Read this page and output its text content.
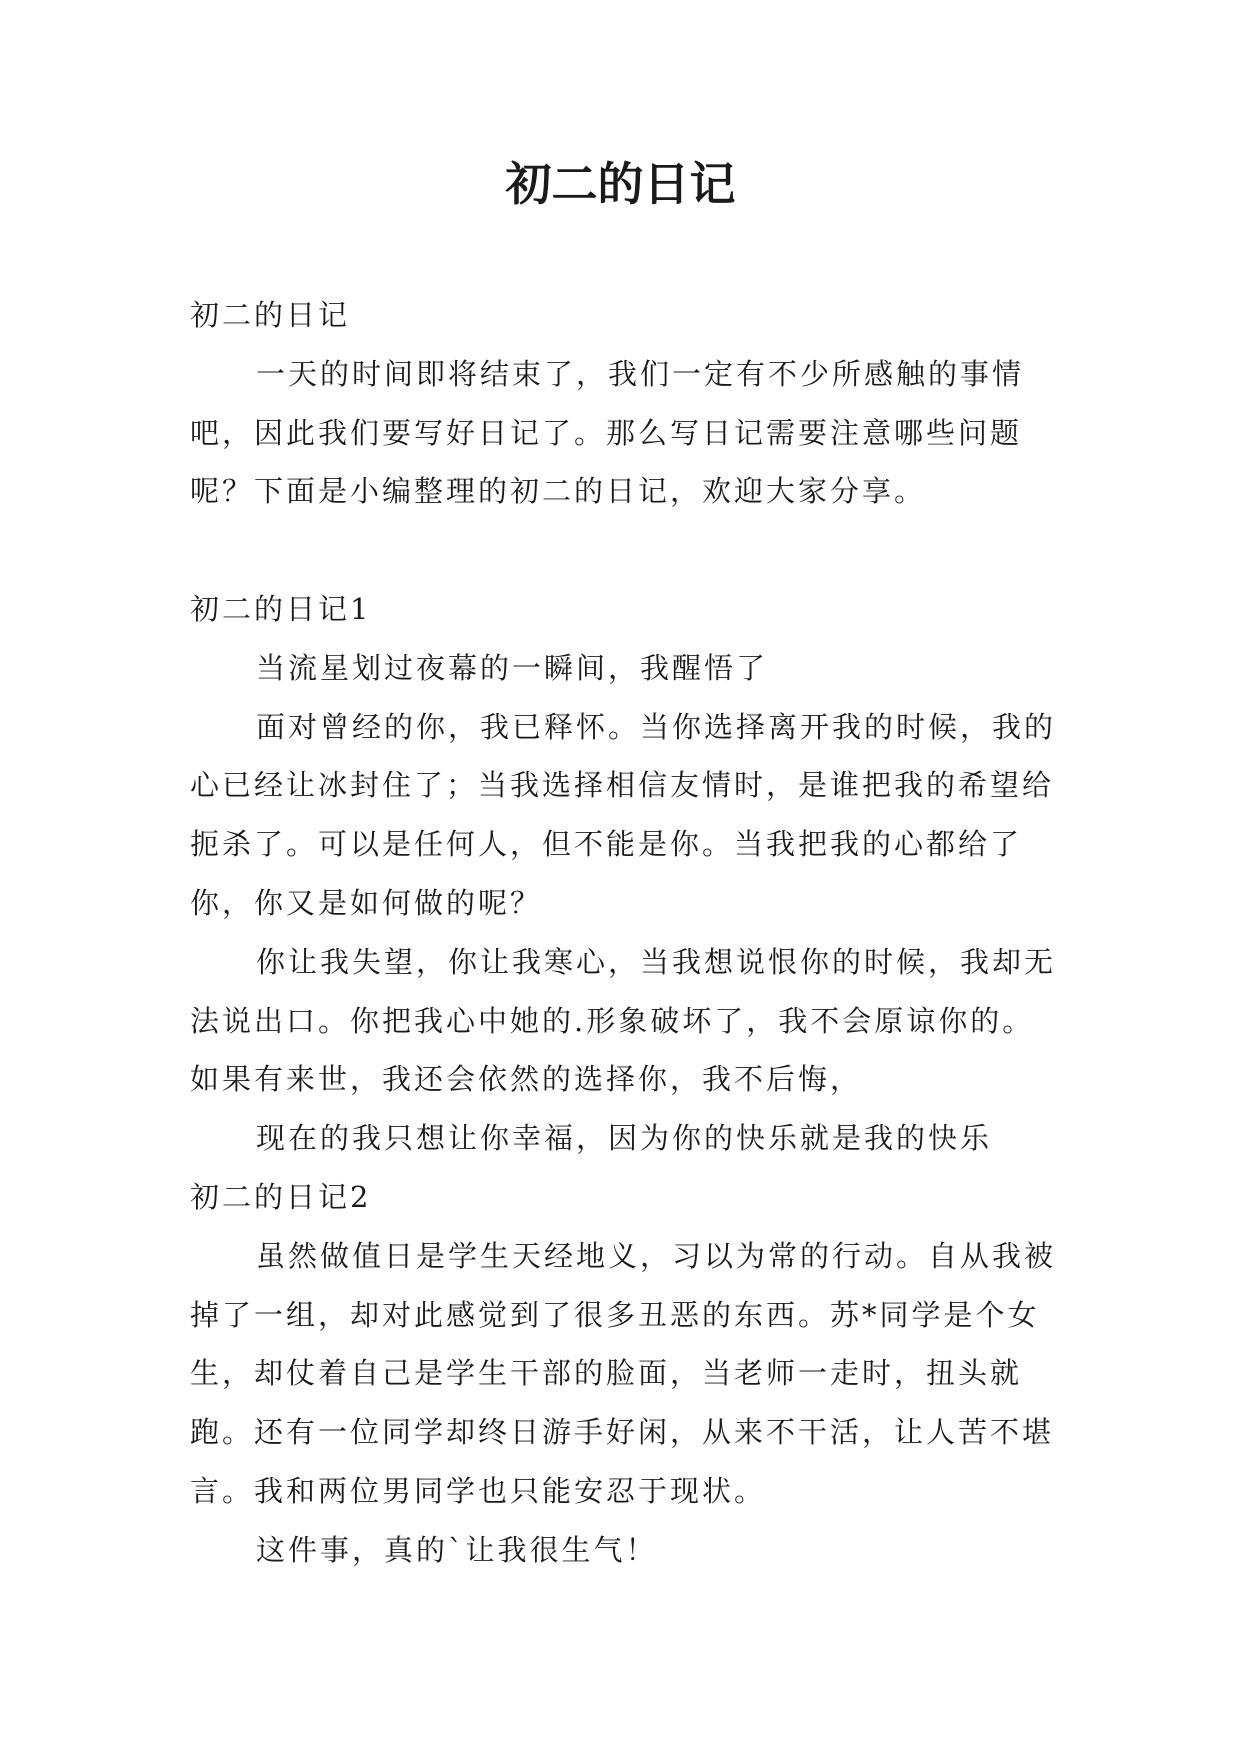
初二的日记

初二的日记

一天的时间即将结束了，我们一定有不少所感触的事情吧，因此我们要写好日记了。那么写日记需要注意哪些问题呢？下面是小编整理的初二的日记，欢迎大家分享。

初二的日记1

当流星划过夜幕的一瞬间，我醒悟了

面对曾经的你，我已释怀。当你选择离开我的时候，我的心已经让冰封住了；当我选择相信友情时，是谁把我的希望给扼杀了。可以是任何人，但不能是你。当我把我的心都给了你，你又是如何做的呢？

你让我失望，你让我寒心，当我想说恨你的时候，我却无法说出口。你把我心中她的.形象破坏了，我不会原谅你的。如果有来世，我还会依然的选择你，我不后悔，

现在的我只想让你幸福，因为你的快乐就是我的快乐

初二的日记2

虽然做值日是学生天经地义，习以为常的行动。自从我被掉了一组，却对此感觉到了很多丑恶的东西。苏*同学是个女生，却仗着自己是学生干部的脸面，当老师一走时，扭头就跑。还有一位同学却终日游手好闲，从来不干活，让人苦不堪言。我和两位男同学也只能安忍于现状。

这件事，真的`让我很生气！
